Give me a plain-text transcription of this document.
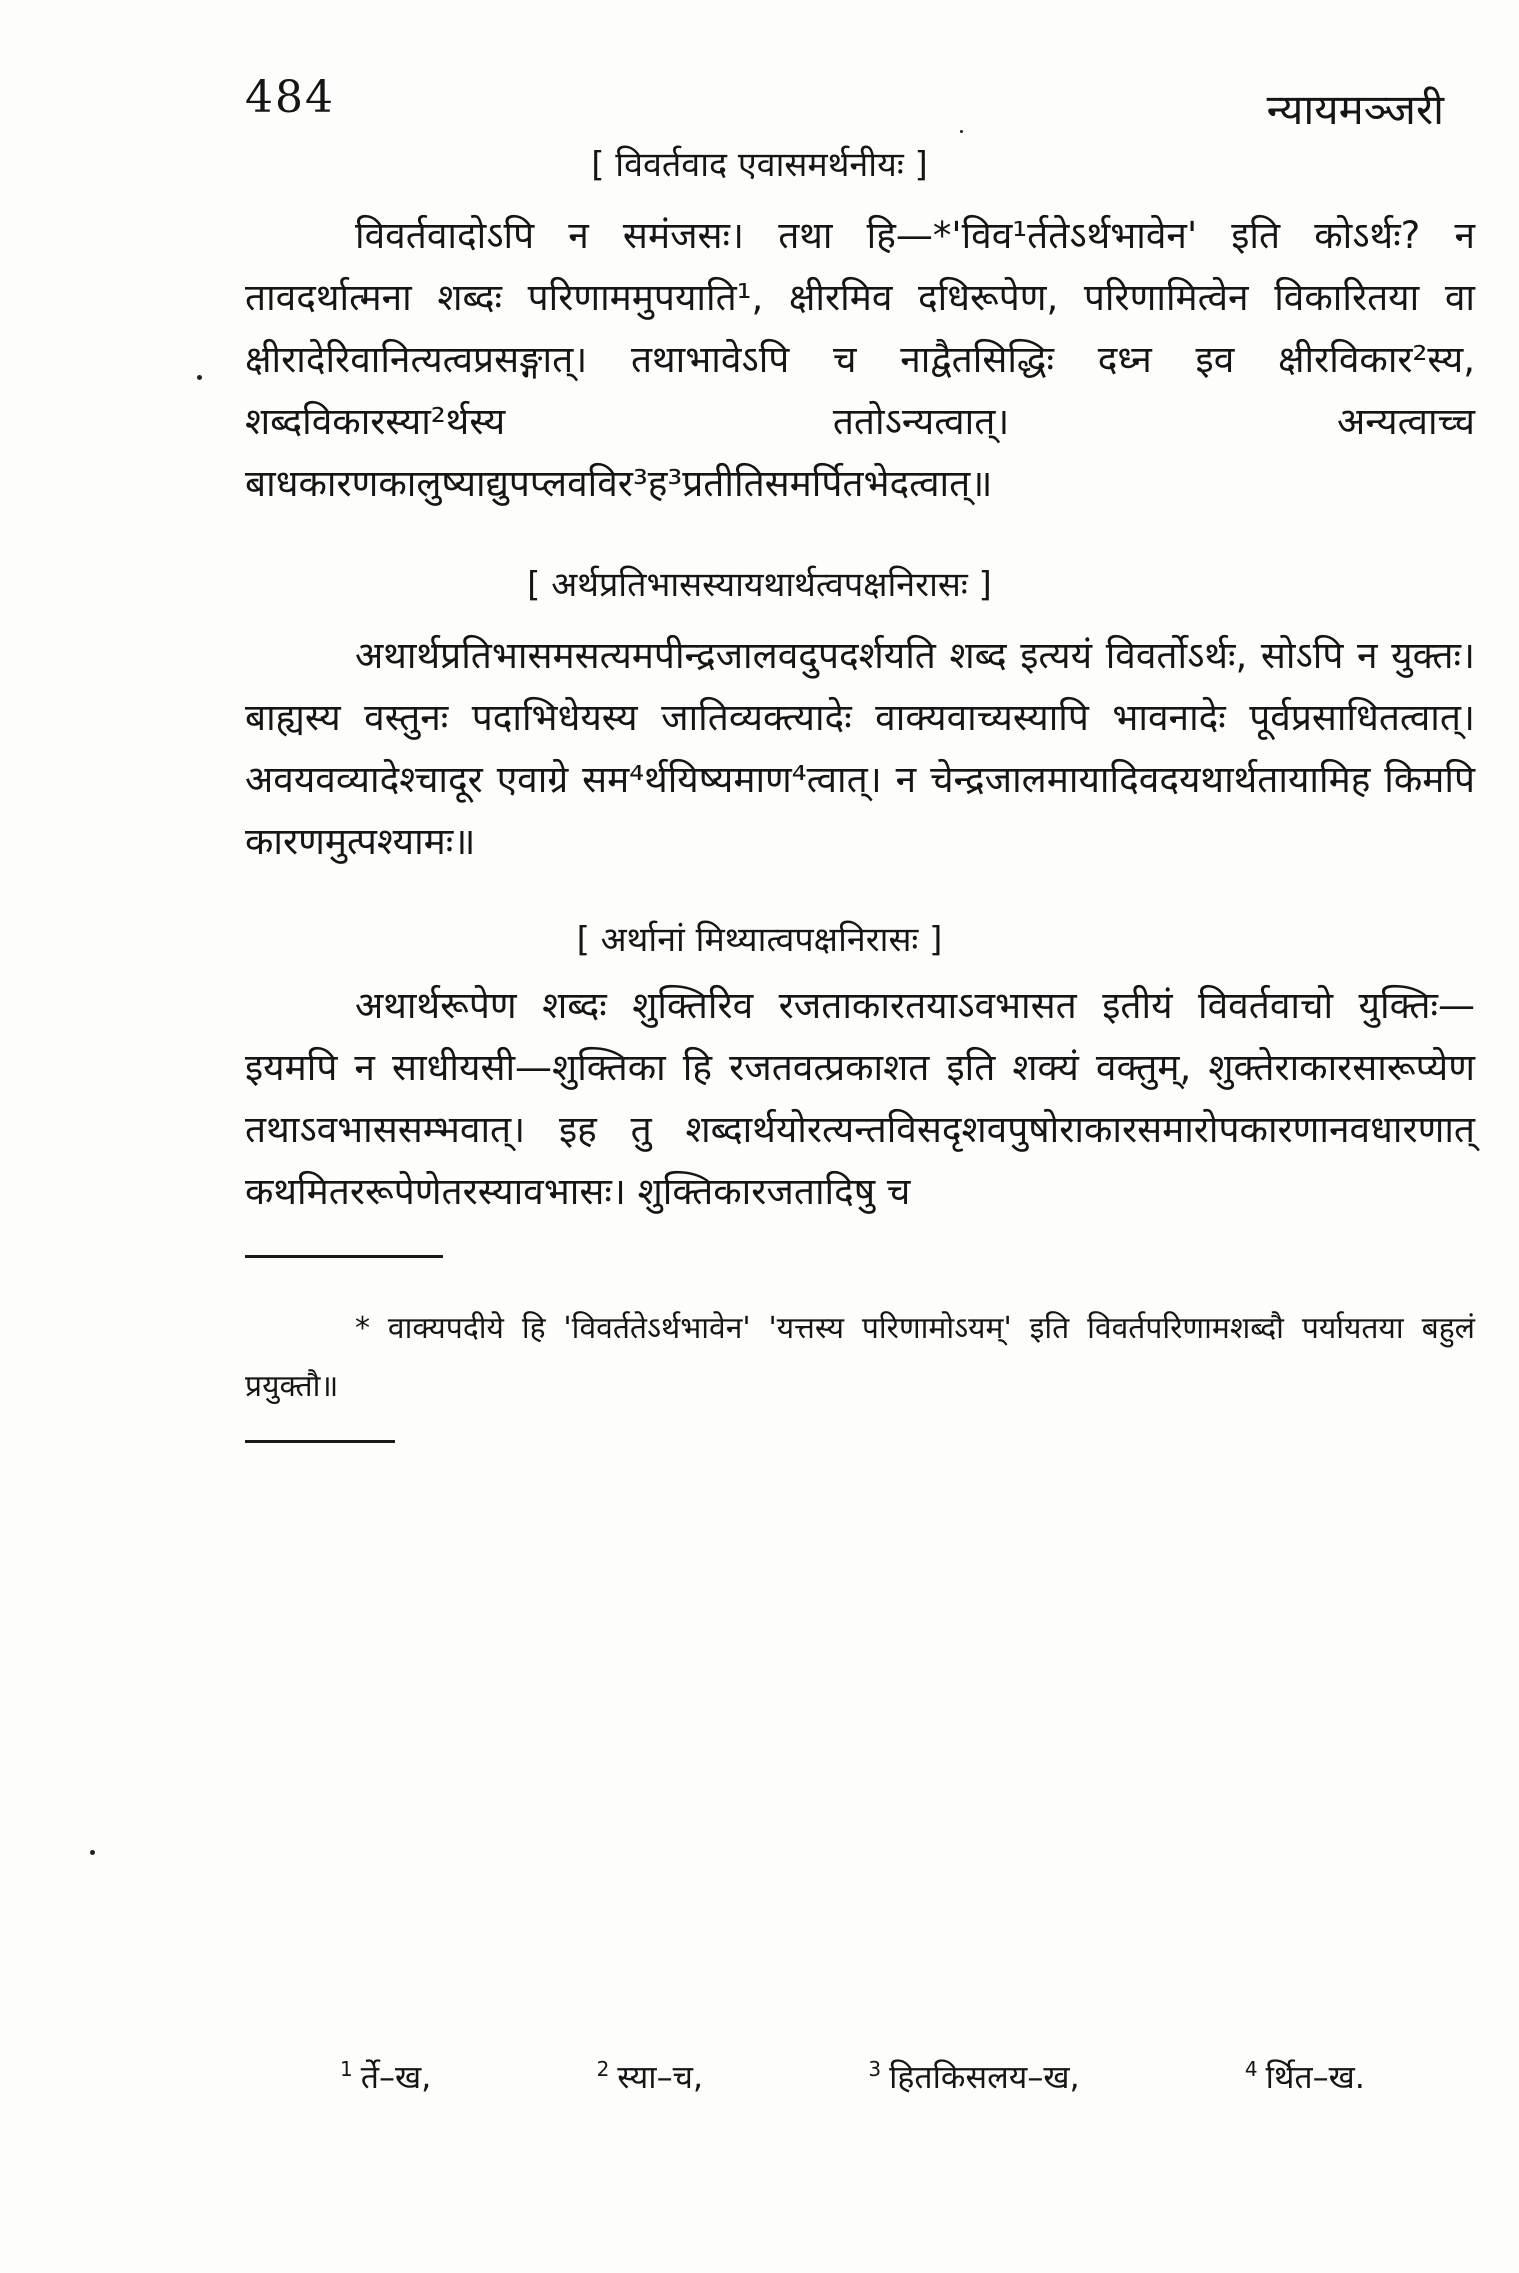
484	न्यायमञ्जरी
[ विवर्तवाद एवासमर्थनीयः ]

विवर्तवादोऽपि न समंजसः। तथा हि—*'विव¹र्ततेऽर्थभावेन' इति कोऽर्थः? न तावदर्थात्मना शब्दः परिणाममुपयाति¹, क्षीरमिव दधिरूपेण, परिणामित्वेन विकारितया वा क्षीरादेरिवानित्यत्वप्रसङ्गात्। तथाभावेऽपि च नाद्वैतसिद्धिः दध्न इव क्षीरविकार²स्य, शब्दविकारस्या²र्थस्य ततोऽन्यत्वात्। अन्यत्वाच्च बाधकारणकालुष्याद्युपप्लवविर³ह³प्रतीतिसमर्पितभेदत्वात्॥

[ अर्थप्रतिभासस्यायथार्थत्वपक्षनिरासः ]

अथार्थप्रतिभासमसत्यमपीन्द्रजालवदुपदर्शयति शब्द इत्ययं विवर्तोऽर्थः, सोऽपि न युक्तः। बाह्यस्य वस्तुनः पदाभिधेयस्य जातिव्यक्त्यादेः वाक्यवाच्यस्यापि भावनादेः पूर्वप्रसाधितत्वात्। अवयवव्यादेश्चादूर एवाग्रे सम⁴र्थयिष्यमाण⁴त्वात्। न चेन्द्रजालमायादिवदयथार्थतायामिह किमपि कारणमुत्पश्यामः॥

[ अर्थानां मिथ्यात्वपक्षनिरासः ]

अथार्थरूपेण शब्दः शुक्तिरिव रजताकारतयाऽवभासत इतीयं विवर्तवाचो युक्तिः—इयमपि न साधीयसी—शुक्तिका हि रजतवत्प्रकाशत इति शक्यं वक्तुम्, शुक्तेराकारसारूप्येण तथाऽवभाससम्भवात्। इह तु शब्दार्थयोरत्यन्तविसदृशवपुषोराकारसमारोपकारणानवधारणात् कथमितररूपेणेतरस्यावभासः। शुक्तिकारजतादिषु च

* वाक्यपदीये हि 'विवर्ततेऽर्थभावेन' 'यत्तस्य परिणामोऽयम्' इति विवर्तपरिणामशब्दौ पर्यायतया बहुलं प्रयुक्तौ॥

$^1$ र्ते–ख,	$^2$ स्या–च,	$^3$ हितकिसलय–ख,	$^4$ र्थित–ख.
